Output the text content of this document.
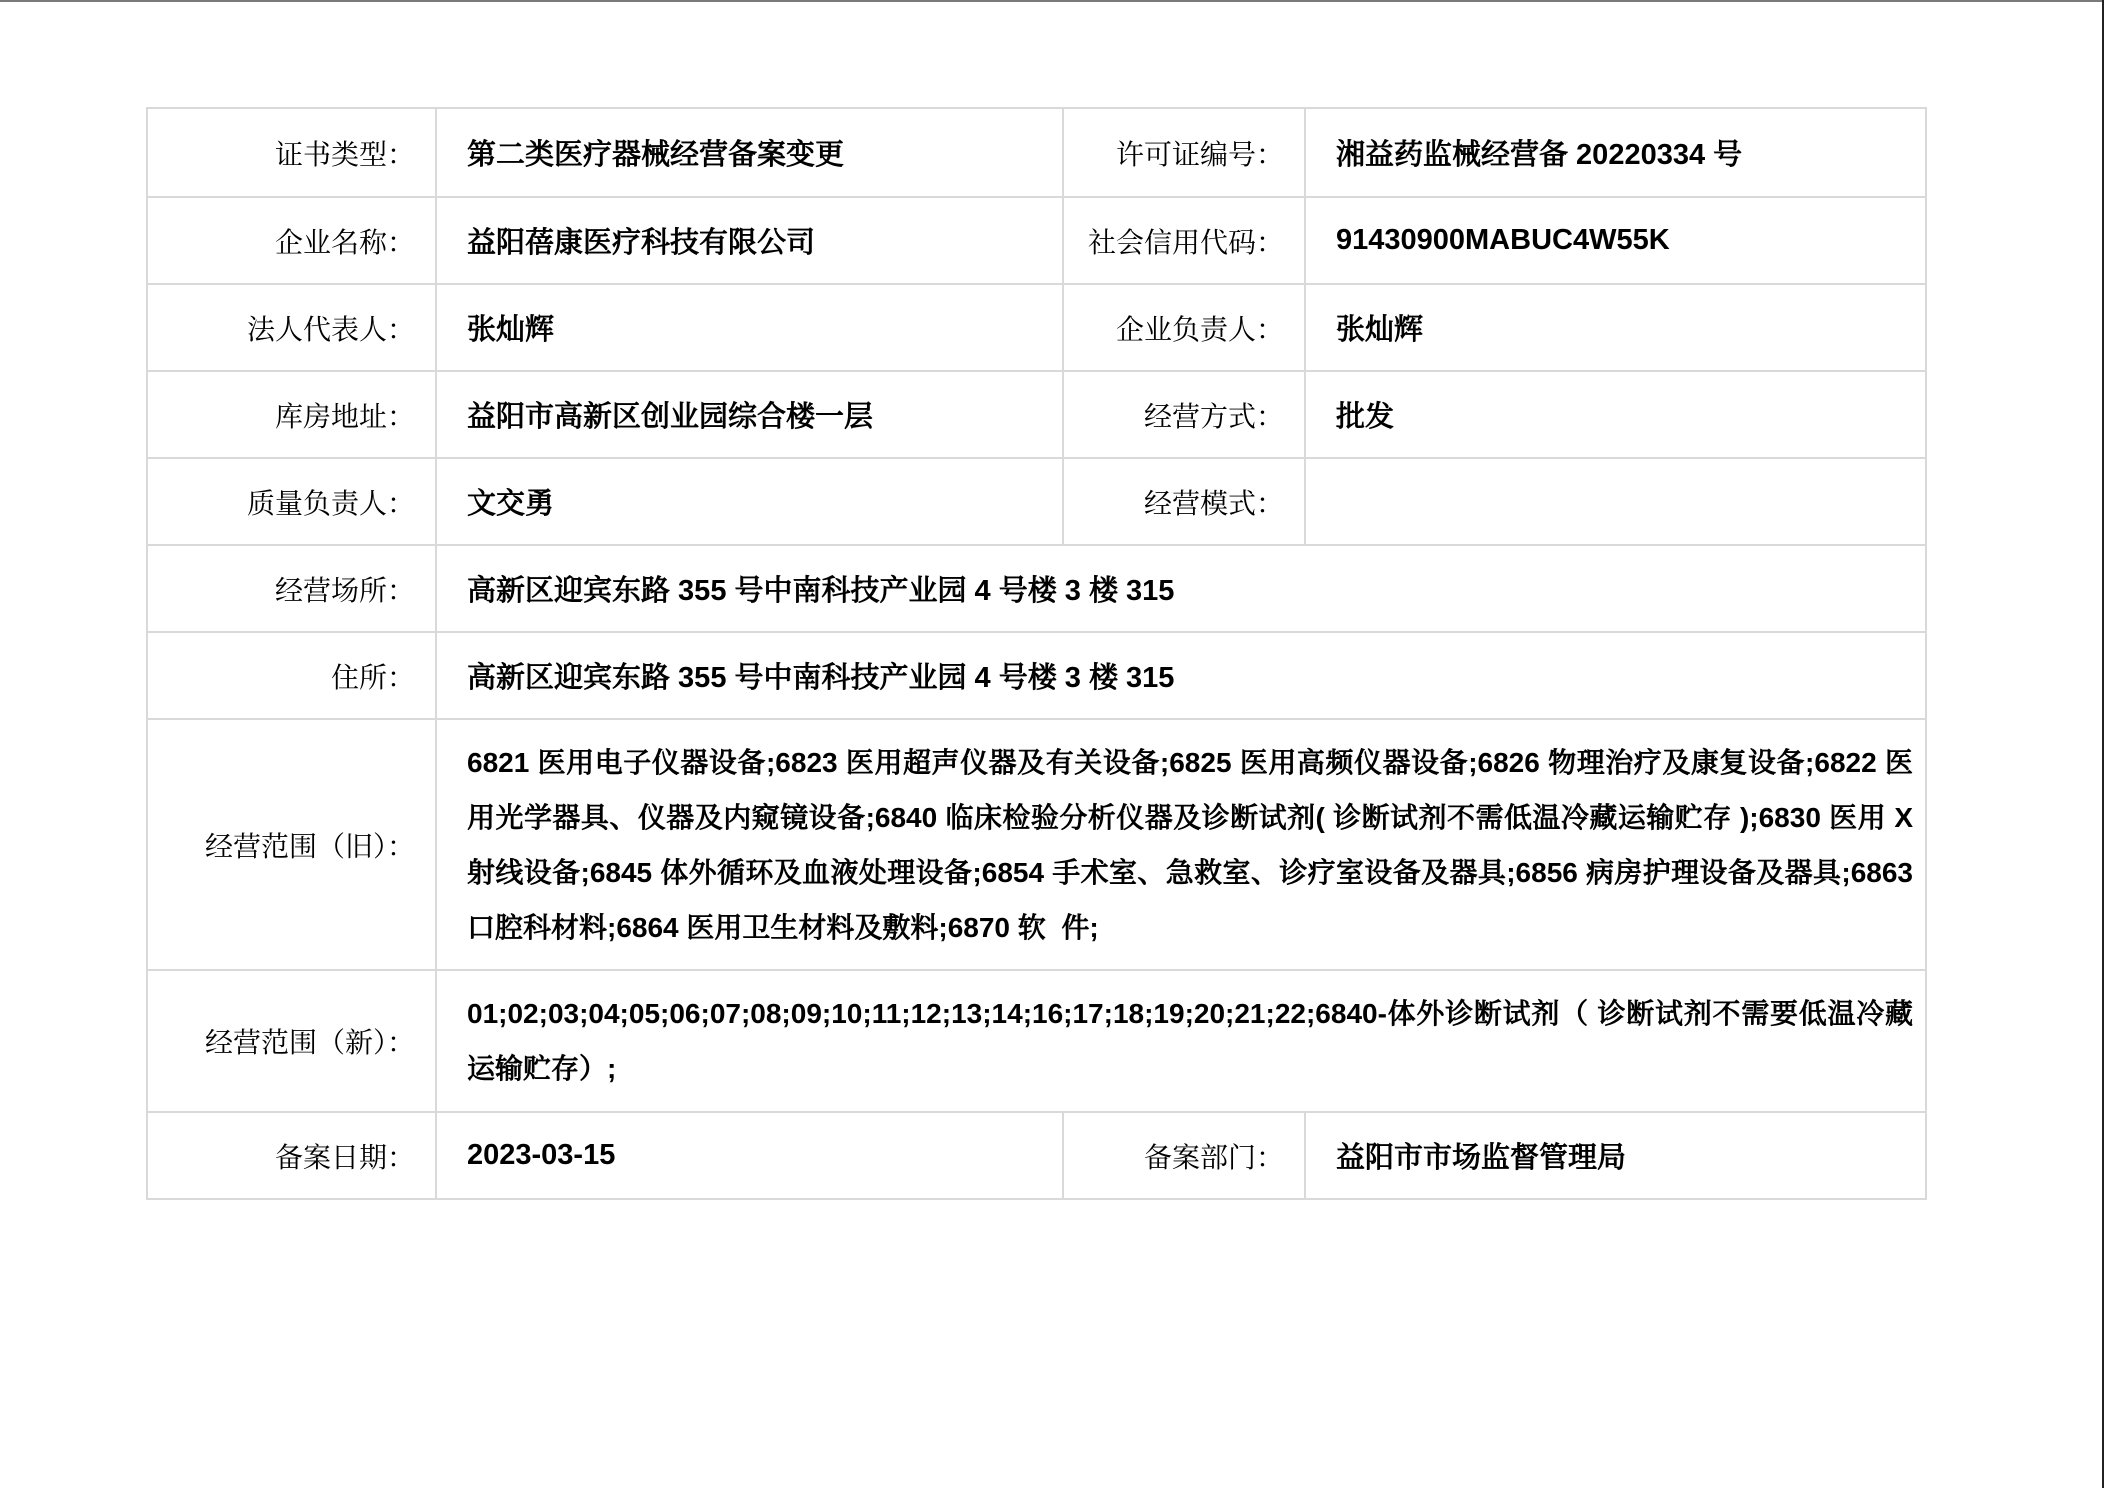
证书类型：	第二类医疗器械经营备案变更	许可证编号：	湘益药监械经营备 20220334 号
企业名称：	益阳蓓康医疗科技有限公司	社会信用代码：	91430900MABUC4W55K
法人代表人：	张灿辉	企业负责人：	张灿辉
库房地址：	益阳市高新区创业园综合楼一层	经营方式：	批发
质量负责人：	文交勇	经营模式：
经营场所：	高新区迎宾东路 355 号中南科技产业园 4 号楼 3 楼 315
住所：	高新区迎宾东路 355 号中南科技产业园 4 号楼 3 楼 315
经营范围（旧）：
6821 医用电子仪器设备;6823 医用超声仪器及有关设备;6825 医用高频仪器设备;6826 物理治疗及康复设备;6822 医用光学器具、仪器及内窥镜设备;6840 临床检验分析仪器及诊断试剂( 诊断试剂不需低温冷藏运输贮存 );6830 医用 X 射线设备;6845 体外循环及血液处理设备;6854 手术室、急救室、诊疗室设备及器具;6856 病房护理设备及器具;6863 口腔科材料;6864 医用卫生材料及敷料;6870 软  件;
经营范围（新）：
01;02;03;04;05;06;07;08;09;10;11;12;13;14;16;17;18;19;20;21;22;6840-体外诊断试剂（ 诊断试剂不需要低温冷藏运输贮存）;
备案日期：	2023-03-15	备案部门：	益阳市市场监督管理局
